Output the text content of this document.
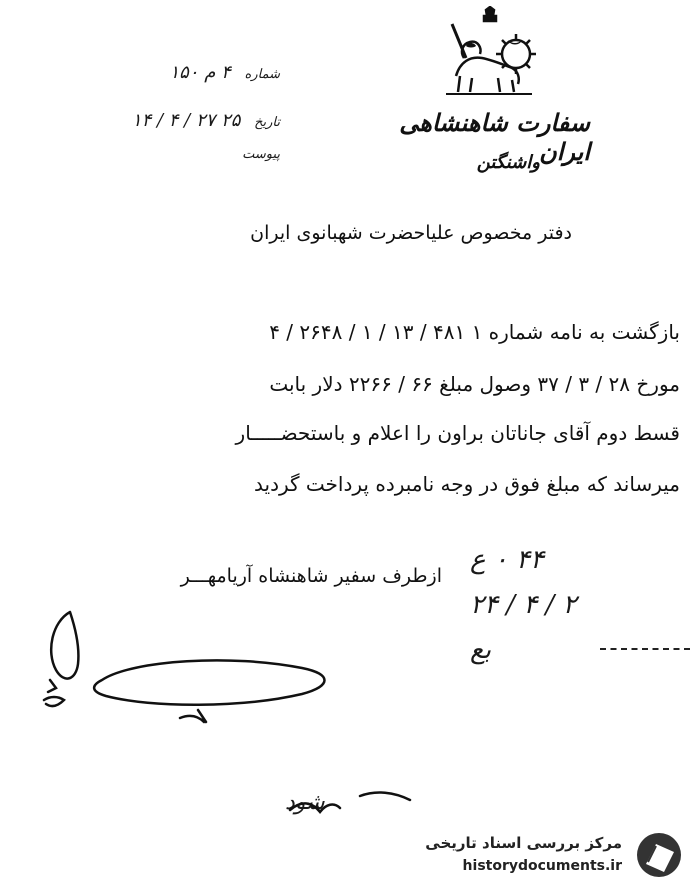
سفارت شاهنشاهی ایران
واشنگتن
شماره ۴ م ۱۵۰
تاریخ ۲۵ ۲۷ / ۴ / ۱۴
پیوست
دفتر مخصوص علیاحضرت شهبانوی ایران
بازگشت به نامه شماره ۱ ۴۸۱ / ۱۳ / ۱ / ۲۶۴۸ / ۴
مورخ ۲۸ / ۳ / ۳۷ وصول مبلغ ۶۶ / ۲۲۶۶ دلار بابت
قسط دوم آقای جاناتان براون را اعلام و باستحضـــــار
میرساند که مبلغ فوق در وجه نامبرده پرداخت گردید
ازطرف سفیر شاهنشاه آریامهـــر
۴۴ ۰ ع
۲۴ / ۴ / ۲
بع
شود
مرکز بررسی اسناد تاریخی
historydocuments.ir
